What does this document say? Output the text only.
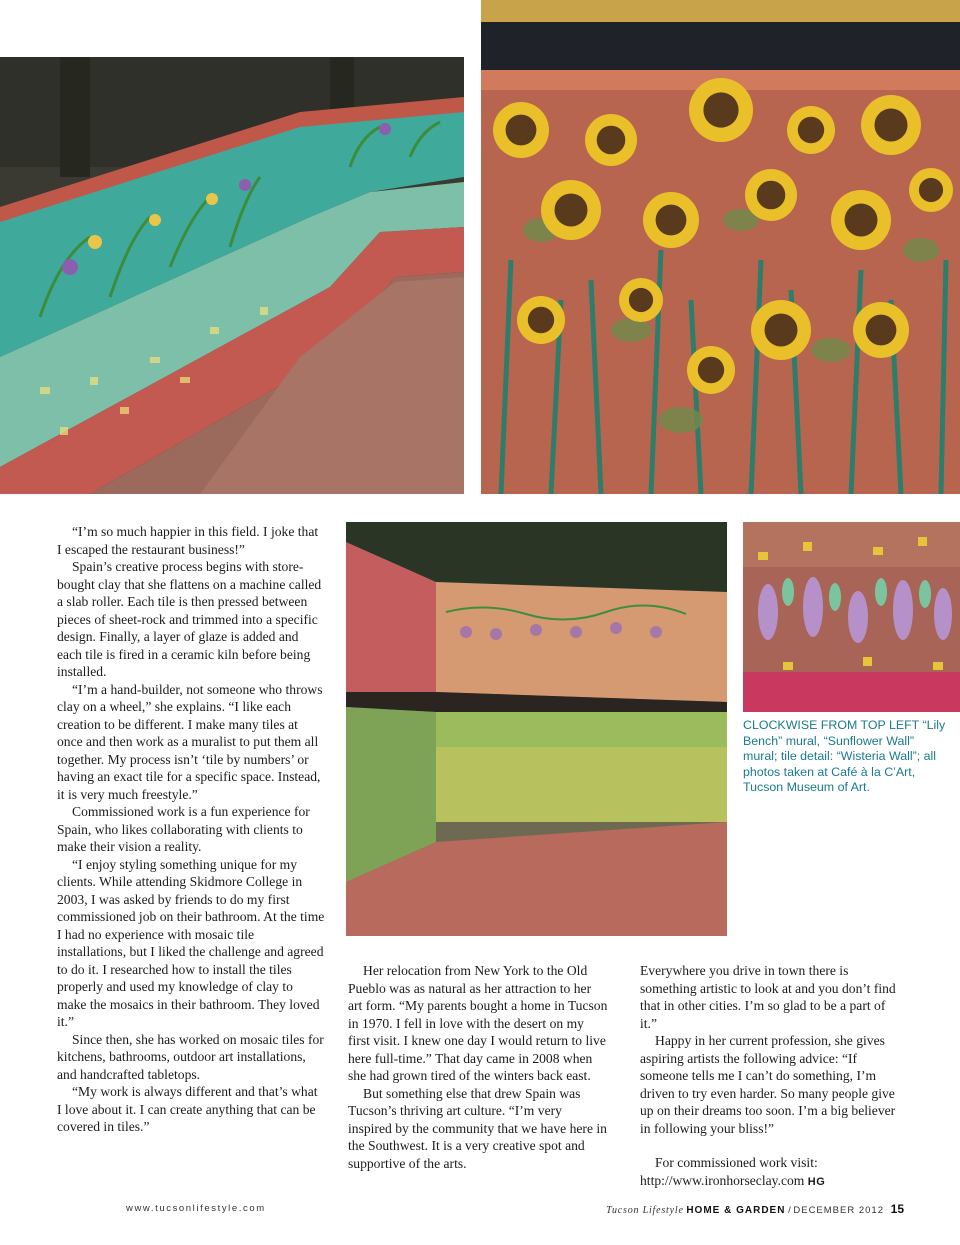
“I’m so much happier in this field. I joke that I escaped the restaurant business!”

Spain’s creative process begins with store-bought clay that she flattens on a machine called a slab roller. Each tile is then pressed between pieces of sheet-rock and trimmed into a specific design. Finally, a layer of glaze is added and each tile is fired in a ceramic kiln before being installed.

“I’m a hand-builder, not someone who throws clay on a wheel,” she explains. “I like each creation to be different. I make many tiles at once and then work as a muralist to put them all together. My process isn’t ‘tile by numbers’ or having an exact tile for a specific space. Instead, it is very much freestyle.”

Commissioned work is a fun experience for Spain, who likes collaborating with clients to make their vision a reality.

“I enjoy styling something unique for my clients. While attending Skidmore College in 2003, I was asked by friends to do my first commissioned job on their bathroom. At the time I had no experience with mosaic tile installations, but I liked the challenge and agreed to do it. I researched how to install the tiles properly and used my knowledge of clay to make the mosaics in their bathroom. They loved it.”

Since then, she has worked on mosaic tiles for kitchens, bathrooms, outdoor art installations, and handcrafted tabletops.

“My work is always different and that’s what I love about it. I can create anything that can be covered in tiles.”

Her relocation from New York to the Old Pueblo was as natural as her attraction to her art form. “My parents bought a home in Tucson in 1970. I fell in love with the desert on my first visit. I knew one day I would return to live here full-time.” That day came in 2008 when she had grown tired of the winters back east.

But something else that drew Spain was Tucson’s thriving art culture. “I’m very inspired by the community that we have here in the Southwest. It is a very creative spot and supportive of the arts.

Everywhere you drive in town there is something artistic to look at and you don’t find that in other cities. I’m so glad to be a part of it.”

Happy in her current profession, she gives aspiring artists the following advice: “If someone tells me I can’t do something, I’m driven to try even harder. So many people give up on their dreams too soon. I’m a big believer in following your bliss!”

For commissioned work visit: http://www.ironhorseclay.com HG

CLOCKWISE FROM TOP LEFT “Lily Bench” mural, “Sunflower Wall” mural; tile detail: “Wisteria Wall”; all photos taken at Café à la C’Art, Tucson Museum of Art.
www.tucsonlifestyle.com	Tucson Lifestyle HOME & GARDEN / DECEMBER 2012 15
